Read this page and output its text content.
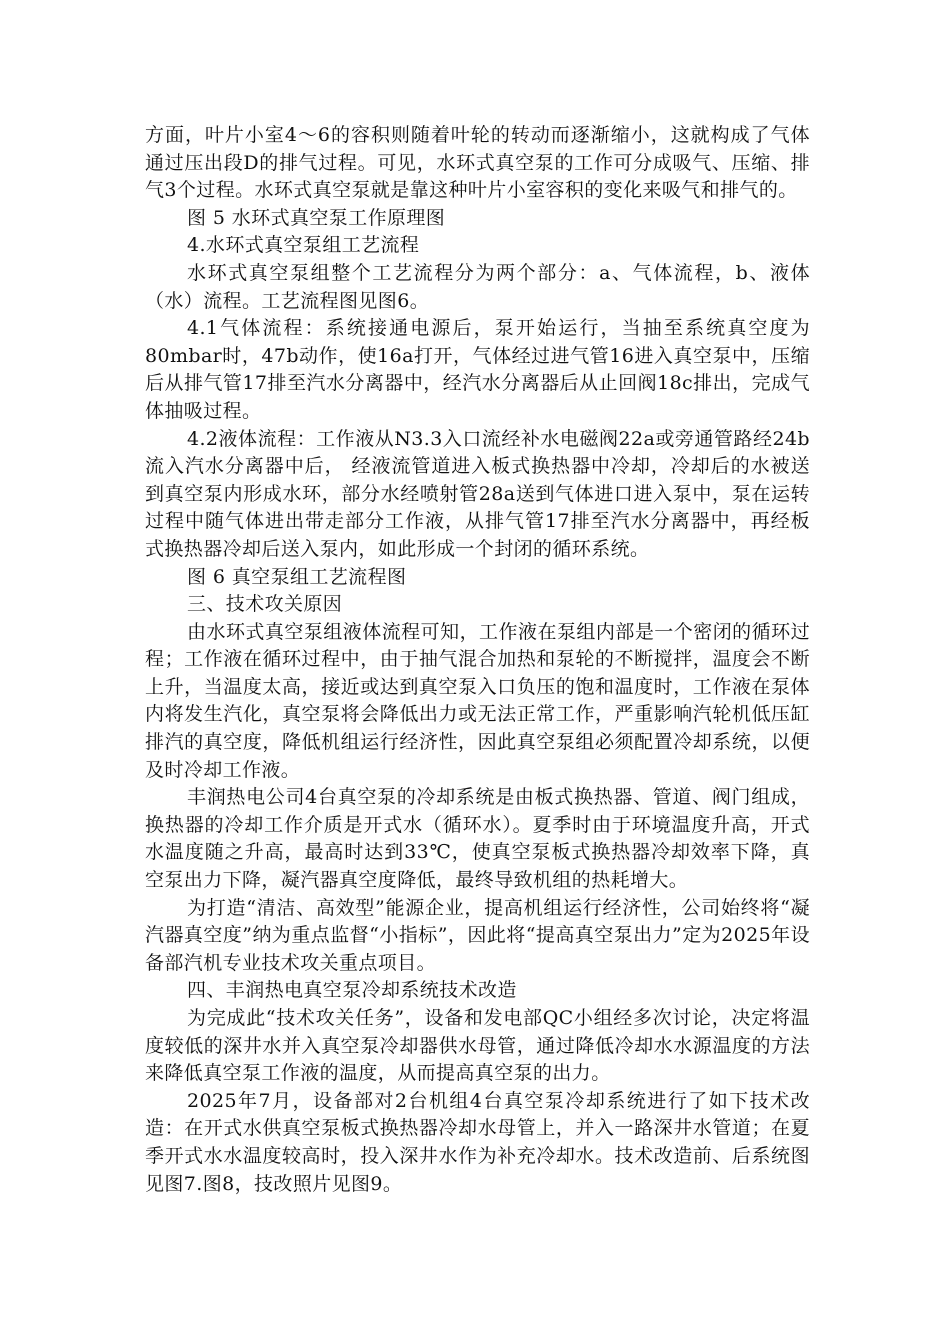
方面，叶片小室4～6的容积则随着叶轮的转动而逐渐缩小，这就构成了气体通过压出段D的排气过程。可见，水环式真空泵的工作可分成吸气、压缩、排气3个过程。水环式真空泵就是靠这种叶片小室容积的变化来吸气和排气的。

图 5 水环式真空泵工作原理图

4.水环式真空泵组工艺流程

水环式真空泵组整个工艺流程分为两个部分：a、气体流程，b、液体（水）流程。工艺流程图见图6。

4.1气体流程：系统接通电源后，泵开始运行，当抽至系统真空度为80mbar时，47b动作，使16a打开，气体经过进气管16进入真空泵中，压缩后从排气管17排至汽水分离器中，经汽水分离器后从止回阀18c排出，完成气体抽吸过程。

4.2液体流程：工作液从N3.3入口流经补水电磁阀22a或旁通管路经24b流入汽水分离器中后， 经液流管道进入板式换热器中冷却，冷却后的水被送到真空泵内形成水环，部分水经喷射管28a送到气体进口进入泵中，泵在运转过程中随气体进出带走部分工作液，从排气管17排至汽水分离器中，再经板式换热器冷却后送入泵内，如此形成一个封闭的循环系统。

图 6 真空泵组工艺流程图

三、技术攻关原因

由水环式真空泵组液体流程可知，工作液在泵组内部是一个密闭的循环过程；工作液在循环过程中，由于抽气混合加热和泵轮的不断搅拌，温度会不断上升，当温度太高，接近或达到真空泵入口负压的饱和温度时，工作液在泵体内将发生汽化，真空泵将会降低出力或无法正常工作，严重影响汽轮机低压缸排汽的真空度，降低机组运行经济性，因此真空泵组必须配置冷却系统，以便及时冷却工作液。

丰润热电公司4台真空泵的冷却系统是由板式换热器、管道、阀门组成，换热器的冷却工作介质是开式水（循环水）。夏季时由于环境温度升高，开式水温度随之升高，最高时达到33℃，使真空泵板式换热器冷却效率下降，真空泵出力下降，凝汽器真空度降低，最终导致机组的热耗增大。

为打造“清洁、高效型”能源企业，提高机组运行经济性，公司始终将“凝汽器真空度”纳为重点监督“小指标”，因此将“提高真空泵出力”定为2025年设备部汽机专业技术攻关重点项目。

四、丰润热电真空泵冷却系统技术改造

为完成此“技术攻关任务”，设备和发电部QC小组经多次讨论，决定将温度较低的深井水并入真空泵冷却器供水母管，通过降低冷却水水源温度的方法来降低真空泵工作液的温度，从而提高真空泵的出力。

2025年7月，设备部对2台机组4台真空泵冷却系统进行了如下技术改造：在开式水供真空泵板式换热器冷却水母管上，并入一路深井水管道；在夏季开式水水温度较高时，投入深井水作为补充冷却水。技术改造前、后系统图见图7.图8，技改照片见图9。
